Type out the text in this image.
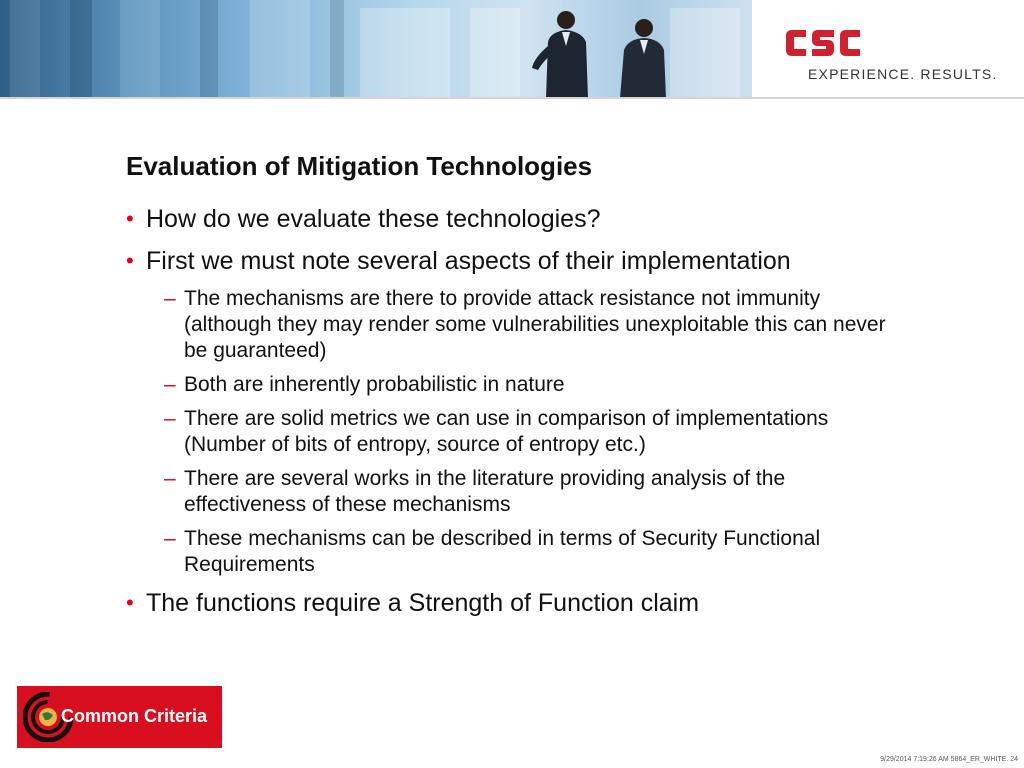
EXPERIENCE. RESULTS.
Evaluation of Mitigation Technologies
• How do we evaluate these technologies?
• First we must note several aspects of their implementation
– The mechanisms are there to provide attack resistance not immunity (although they may render some vulnerabilities unexploitable this can never be guaranteed)
– Both are inherently probabilistic in nature
– There are solid metrics we can use in comparison of implementations (Number of bits of entropy, source of entropy etc.)
– There are several works in the literature providing analysis of the effectiveness of these mechanisms
– These mechanisms can be described in terms of Security Functional Requirements
• The functions require a Strength of Function claim
Common Criteria
9/29/2014 7:19:26 AM 5864_ER_WHITE. 24
